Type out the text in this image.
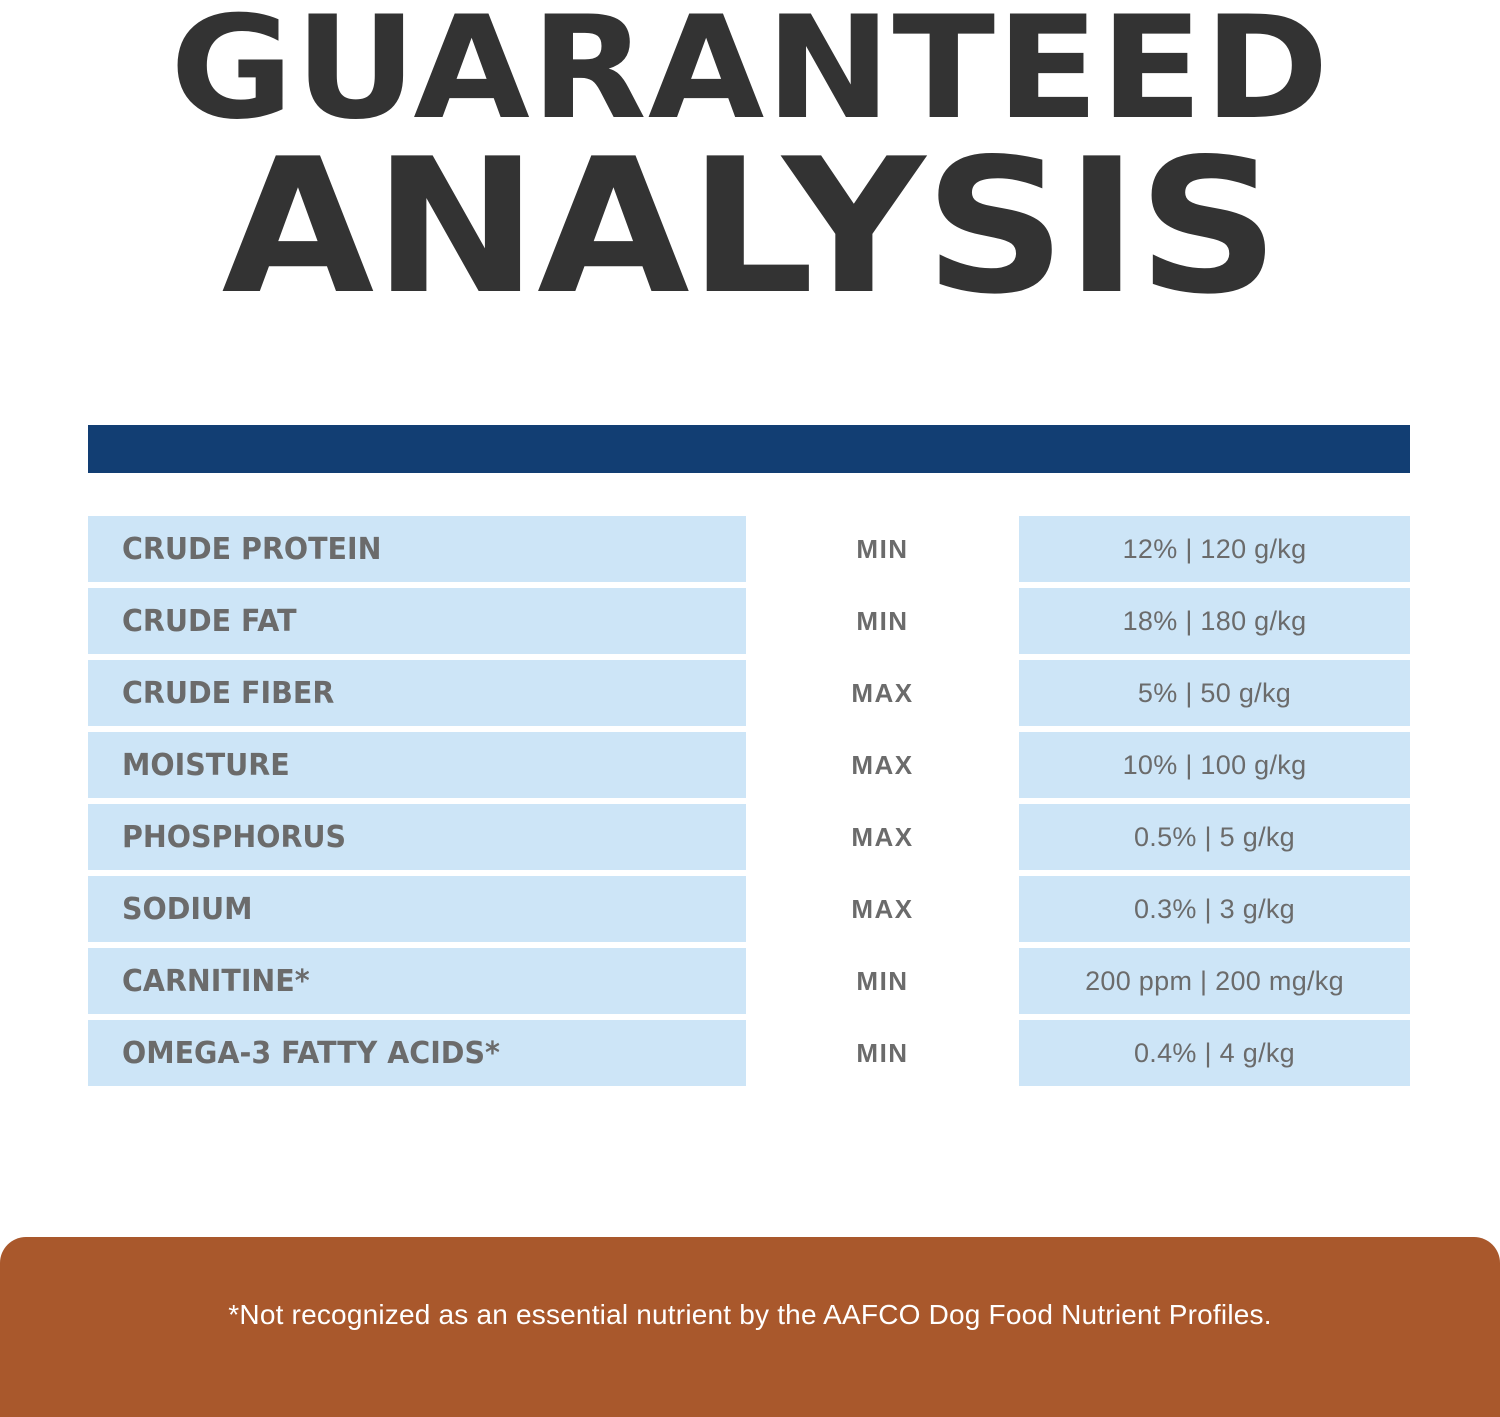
GUARANTEED
ANALYSIS
CRUDE PROTEIN	MIN	12% | 120 g/kg
CRUDE FAT	MIN	18% | 180 g/kg
CRUDE FIBER	MAX	5% | 50 g/kg
MOISTURE	MAX	10% | 100 g/kg
PHOSPHORUS	MAX	0.5% | 5 g/kg
SODIUM	MAX	0.3% | 3 g/kg
CARNITINE*	MIN	200 ppm | 200 mg/kg
OMEGA-3 FATTY ACIDS*	MIN	0.4% | 4 g/kg
*Not recognized as an essential nutrient by the AAFCO Dog Food Nutrient Profiles.
